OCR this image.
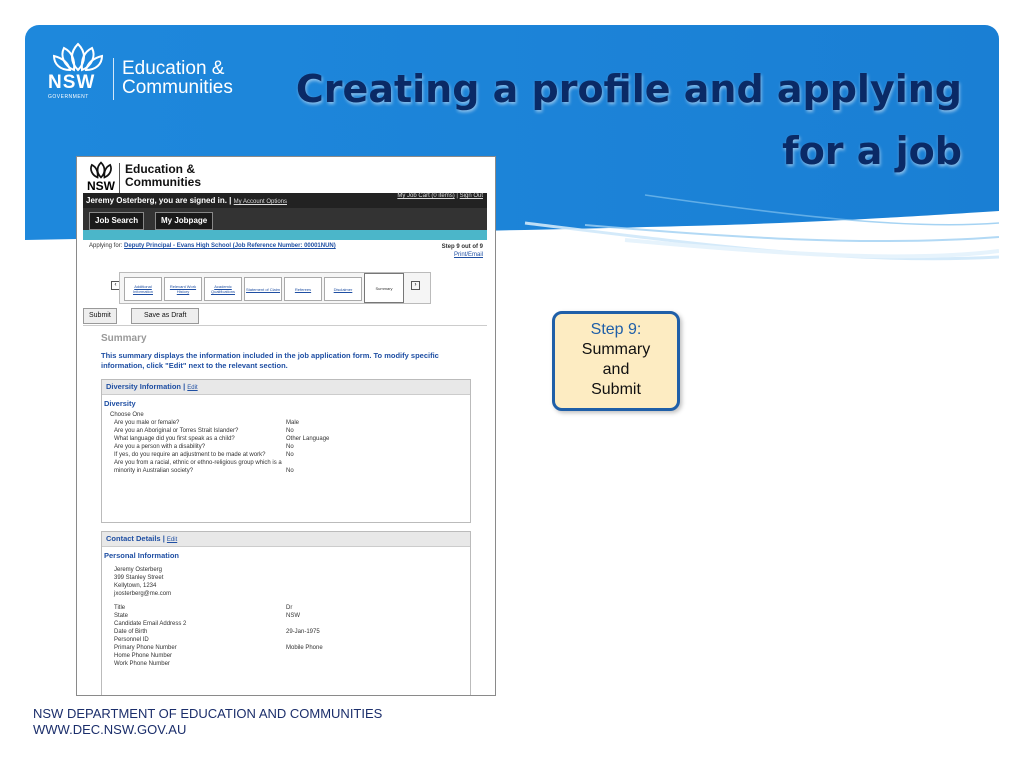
NSW
GOVERNMENT
Education &
Communities	Creating a profile and applying
for a job
NSW
Education &
Communities
Jeremy Osterberg, you are signed in. | My Account Options
My Job Cart (0 items) | Sign Out
Job Search	My Jobpage
Applying for: Deputy Principal - Evans High School (Job Reference Number: 00001NUN)	Step 9 out of 9
Print/Email
‹	Additional Information
Relevant Work History
Academic Qualifications	Statement of Claim	Referees	Disclaimer	Summary	›
Submit	Save as Draft
Summary
This summary displays the information included in the job application form. To modify specific information, click "Edit" next to the relevant section.
Diversity Information | Edit
Diversity
Choose One
Are you male or female?	Male
Are you an Aboriginal or Torres Strait Islander?	No
What language did you first speak as a child?	Other Language
Are you a person with a disability?	No
If yes, do you require an adjustment to be made at work?	No
Are you from a racial, ethnic or ethno-religious group which is a minority in Australian society?	No
Contact Details | Edit
Personal Information
Jeremy Osterberg
399 Stanley Street
Kellytown, 1234
jxosterberg@me.com
Title	Dr
State	NSW
Candidate Email Address 2
Date of Birth	29-Jan-1975
Personnel ID
Primary Phone Number	Mobile Phone
Home Phone Number
Work Phone Number
Step 9:
Summary
and
Submit
NSW DEPARTMENT OF EDUCATION AND COMMUNITIES
WWW.DEC.NSW.GOV.AU
